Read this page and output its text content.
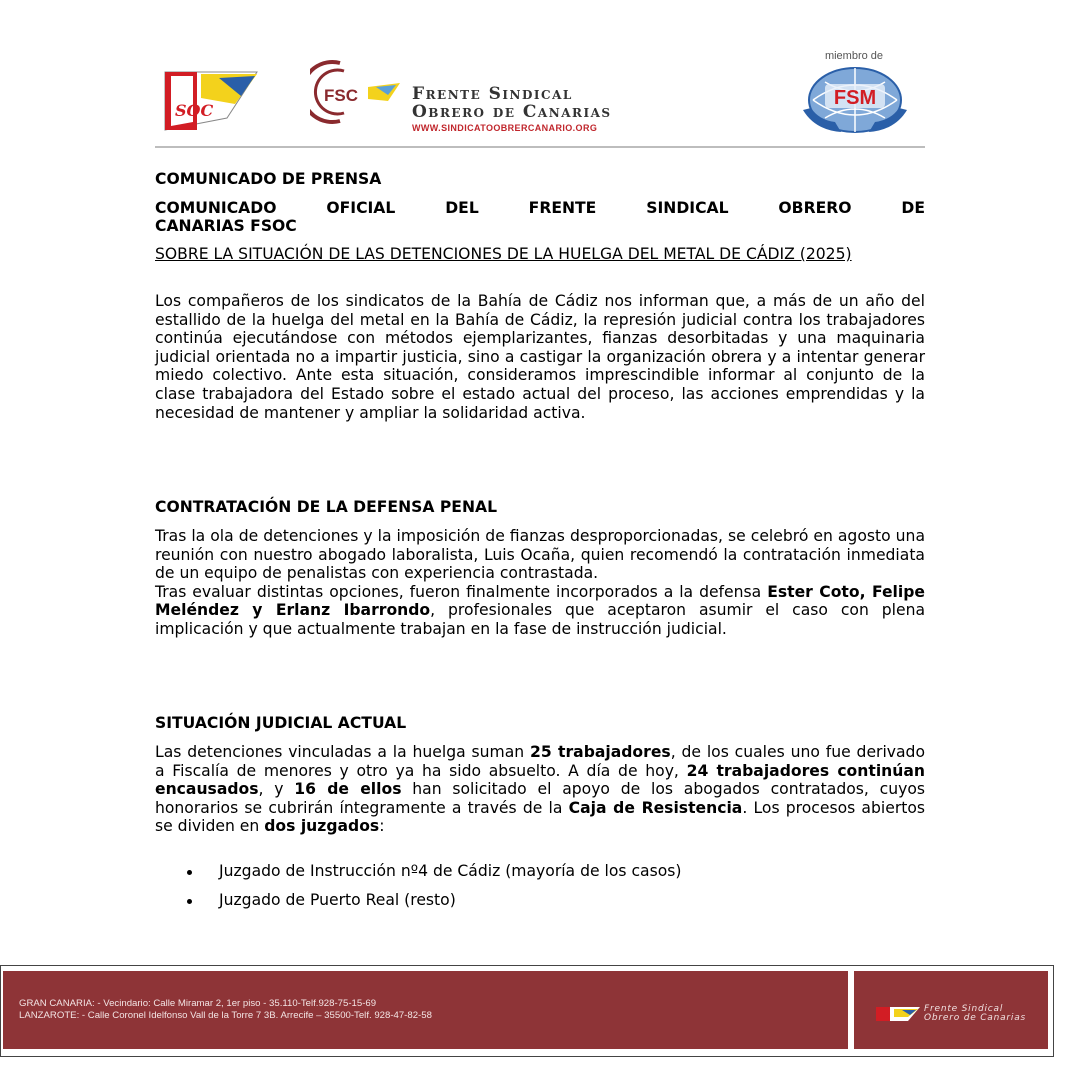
SOC
FSC	Frente Sindical
Obrero de Canarias
WWW.SINDICATOOBRERCANARIO.ORG
miembro de
FSM
COMUNICADO DE PRENSA
COMUNICADO OFICIAL DEL FRENTE SINDICAL OBRERO DE
CANARIAS FSOC
SOBRE LA SITUACIÓN DE LAS DETENCIONES DE LA HUELGA DEL METAL DE CÁDIZ (2025)
Los compañeros de los sindicatos de la Bahía de Cádiz nos informan que, a más de un año del estallido de la huelga del metal en la Bahía de Cádiz, la represión judicial contra los trabajadores continúa ejecutándose con métodos ejemplarizantes, fianzas desorbitadas y una maquinaria judicial orientada no a impartir justicia, sino a castigar la organización obrera y a intentar generar miedo colectivo. Ante esta situación, consideramos imprescindible informar al conjunto de la clase trabajadora del Estado sobre el estado actual del proceso, las acciones emprendidas y la necesidad de mantener y ampliar la solidaridad activa.
CONTRATACIÓN DE LA DEFENSA PENAL
Tras la ola de detenciones y la imposición de fianzas desproporcionadas, se celebró en agosto una reunión con nuestro abogado laboralista, Luis Ocaña, quien recomendó la contratación inmediata de un equipo de penalistas con experiencia contrastada.
Tras evaluar distintas opciones, fueron finalmente incorporados a la defensa Ester Coto, Felipe Meléndez y Erlanz Ibarrondo, profesionales que aceptaron asumir el caso con plena implicación y que actualmente trabajan en la fase de instrucción judicial.
SITUACIÓN JUDICIAL ACTUAL
Las detenciones vinculadas a la huelga suman 25 trabajadores, de los cuales uno fue derivado a Fiscalía de menores y otro ya ha sido absuelto. A día de hoy, 24 trabajadores continúan encausados, y 16 de ellos han solicitado el apoyo de los abogados contratados, cuyos honorarios se cubrirán íntegramente a través de la Caja de Resistencia. Los procesos abiertos se dividen en dos juzgados:
Juzgado de Instrucción nº4 de Cádiz (mayoría de los casos)
Juzgado de Puerto Real (resto)
GRAN CANARIA: - Vecindario: Calle Miramar 2, 1er piso - 35.110-Telf.928-75-15-69
LANZAROTE: - Calle Coronel Idelfonso Vall de la Torre 7 3B. Arrecife – 35500-Telf. 928-47-82-58
Frente Sindical
Obrero de Canarias
